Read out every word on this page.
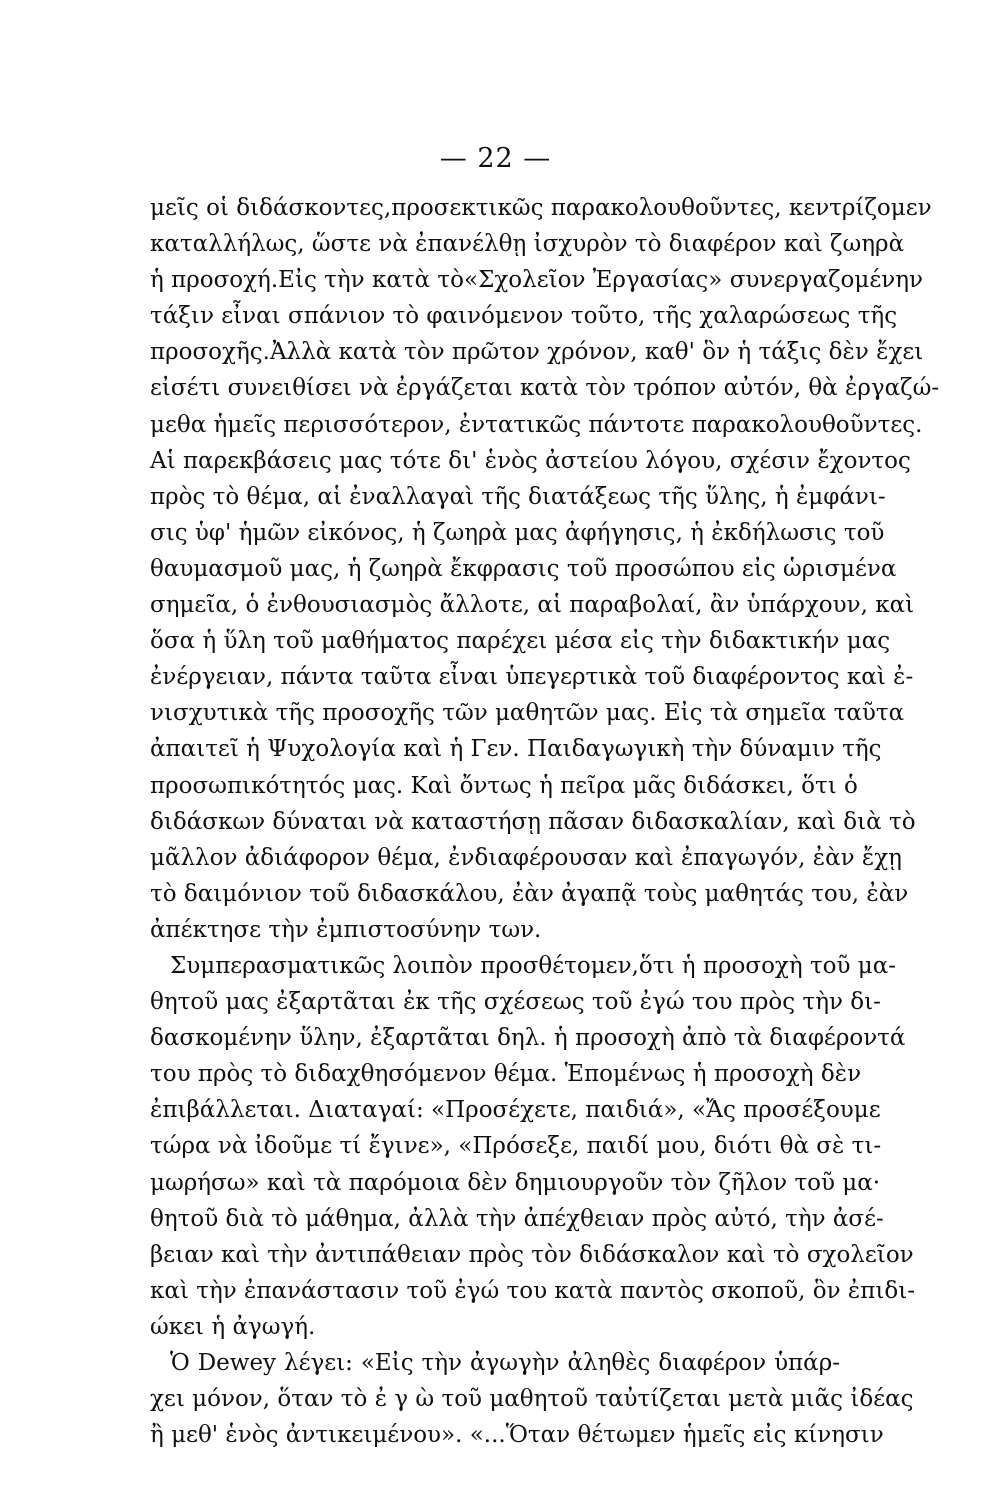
— 22 —
μεῖς οἱ διδάσκοντες,προσεκτικῶς παρακολουθοῦντες, κεντρίζομεν
καταλλήλως, ὥστε νὰ ἐπανέλθῃ ἰσχυρὸν τὸ διαφέρον καὶ ζωηρὰ
ἡ προσοχή.Εἰς τὴν κατὰ τὸ«Σχολεῖον Ἐργασίας» συνεργαζομένην
τάξιν εἶναι σπάνιον τὸ φαινόμενον τοῦτο, τῆς χαλαρώσεως τῆς
προσοχῆς.Ἀλλὰ κατὰ τὸν πρῶτον χρόνον, καθ' ὃν ἡ τάξις δὲν ἔχει
εἰσέτι συνειθίσει νὰ ἐργάζεται κατὰ τὸν τρόπον αὐτόν, θὰ ἐργαζώ-
μεθα ἡμεῖς περισσότερον, ἐντατικῶς πάντοτε παρακολουθοῦντες.
Αἱ παρεκβάσεις μας τότε δι' ἑνὸς ἀστείου λόγου, σχέσιν ἔχοντος
πρὸς τὸ θέμα, αἱ ἐναλλαγαὶ τῆς διατάξεως τῆς ὕλης, ἡ ἐμφάνι-
σις ὑφ' ἡμῶν εἰκόνος, ἡ ζωηρὰ μας ἀφήγησις, ἡ ἐκδήλωσις τοῦ
θαυμασμοῦ μας, ἡ ζωηρὰ ἔκφρασις τοῦ προσώπου εἰς ὡρισμένα
σημεῖα, ὁ ἐνθουσιασμὸς ἄλλοτε, αἱ παραβολαί, ἂν ὑπάρχουν, καὶ
ὅσα ἡ ὕλη τοῦ μαθήματος παρέχει μέσα εἰς τὴν διδακτικήν μας
ἐνέργειαν, πάντα ταῦτα εἶναι ὑπεγερτικὰ τοῦ διαφέροντος καὶ ἐ-
νισχυτικὰ τῆς προσοχῆς τῶν μαθητῶν μας. Εἰς τὰ σημεῖα ταῦτα
ἀπαιτεῖ ἡ Ψυχολογία καὶ ἡ Γεν. Παιδαγωγικὴ τὴν δύναμιν τῆς
προσωπικότητός μας. Καὶ ὄντως ἡ πεῖρα μᾶς διδάσκει, ὅτι ὁ
διδάσκων δύναται νὰ καταστήσῃ πᾶσαν διδασκαλίαν, καὶ διὰ τὸ
μᾶλλον ἀδιάφορον θέμα, ἐνδιαφέρουσαν καὶ ἐπαγωγόν, ἐὰν ἔχῃ
τὸ δαιμόνιον τοῦ διδασκάλου, ἐὰν ἀγαπᾷ τοὺς μαθητάς του, ἐὰν
ἀπέκτησε τὴν ἐμπιστοσύνην των.
Συμπερασματικῶς λοιπὸν προσθέτομεν,ὅτι ἡ προσοχὴ τοῦ μα-
θητοῦ μας ἐξαρτᾶται ἐκ τῆς σχέσεως τοῦ ἐγώ του πρὸς τὴν δι-
δασκομένην ὕλην, ἐξαρτᾶται δηλ. ἡ προσοχὴ ἀπὸ τὰ διαφέροντά
του πρὸς τὸ διδαχθησόμενον θέμα. Ἑπομένως ἡ προσοχὴ δὲν
ἐπιβάλλεται. Διαταγαί: «Προσέχετε, παιδιά», «Ἄς προσέξουμε
τώρα νὰ ἰδοῦμε τί ἔγινε», «Πρόσεξε, παιδί μου, διότι θὰ σὲ τι-
μωρήσω» καὶ τὰ παρόμοια δὲν δημιουργοῦν τὸν ζῆλον τοῦ μα·
θητοῦ διὰ τὸ μάθημα, ἀλλὰ τὴν ἀπέχθειαν πρὸς αὐτό, τὴν ἀσέ-
βειαν καὶ τὴν ἀντιπάθειαν πρὸς τὸν διδάσκαλον καὶ τὸ σχολεῖον
καὶ τὴν ἐπανάστασιν τοῦ ἐγώ του κατὰ παντὸς σκοποῦ, ὃν ἐπιδι-
ώκει ἡ ἀγωγή.
Ὁ Dewey λέγει: «Εἰς τὴν ἀγωγὴν ἀληθὲς διαφέρον ὑπάρ-
χει μόνον, ὅταν τὸ ἐ γ ὼ τοῦ μαθητοῦ ταὐτίζεται μετὰ μιᾶς ἰδέας
ἢ μεθ' ἑνὸς ἀντικειμένου». «...Ὅταν θέτωμεν ἡμεῖς εἰς κίνησιν
